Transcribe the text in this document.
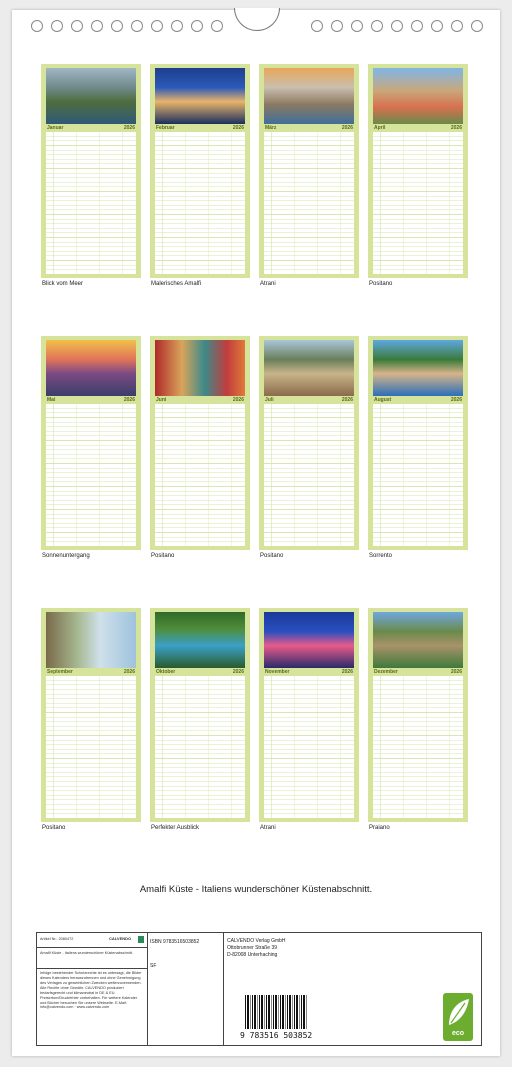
Januar	2026	Februar	2026	März	2026	April	2026
Blick vom Meer	Malerisches Amalfi	Atrani	Positano
Mai	2026	Juni	2026	Juli	2026	August	2026
Sonnenuntergang	Positano	Positano	Sorrento
September	2026	Oktober	2026	November	2026	Dezember	2026
Positano	Perfekter Ausblick	Atrani	Praiano
Amalfi Küste - Italiens wunderschöner Küstenabschnitt.
Artikel Nr.: 2080472	CALVENDO
Amalfi Küste - Italiens wunderschöner Küstenabschnitt.
Infolge bestehender Schutzrechte ist es untersagt, die Bilder dieses Kalenders herauszutrennen und ohne Genehmigung des Verlages zu gewerblichen Zwecken weiterzuverwenden. Alle Rechte ohne Gewähr. CALVENDO produziert bedarfsgerecht und klimaneutral in DE & EU. Preisirrtum/Druckfehler vorbehalten. Für weitere Kalender und Bücher besuchen Sie unsere Webseite. E-Mail: info@calvendo.com · www.calvendo.com
ISBN 9783516503852
SF
CALVENDO Verlag GmbH
Ottobrunner Straße 39
D-82008 Unterhaching
9 783516 503852	eco
